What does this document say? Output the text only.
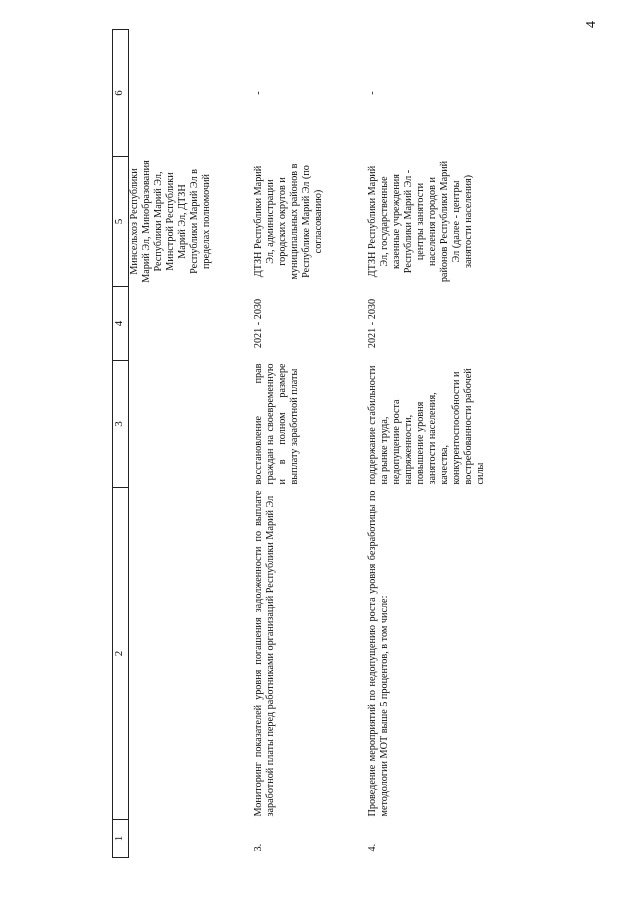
4
1	2	3	4	5	6
				Минсельхоз Республики Марий Эл, Минобразования Республики Марий Эл, Минстрой Республики Марий Эл, ДТЗН Республики Марий Эл в пределах полномочий	
3.	Мониторинг показателей уровня погашения задолженности по выплате заработной платы перед работниками организаций Республики Марий Эл	восстановление прав граждан на своевременную и в полном размере выплату заработной платы	2021 - 2030	ДТЗН Республики Марий Эл, администрации городских округов и муниципальных районов в Республике Марий Эл (по согласованию)	-
4.	Проведение мероприятий по недопущению роста уровня безработицы по методологии МОТ выше 5 процентов, в том числе:	поддержание стабильности на рынке труда, недопущение роста напряженности, повышение уровня занятости населения, качества, конкурентоспособности и востребованности рабочей силы	2021 - 2030	ДТЗН Республики Марий Эл, государственные казенные учреждения Республики Марий Эл - центры занятости населения городов и районов Республики Марий Эл (далее - центры занятости населения)	-
